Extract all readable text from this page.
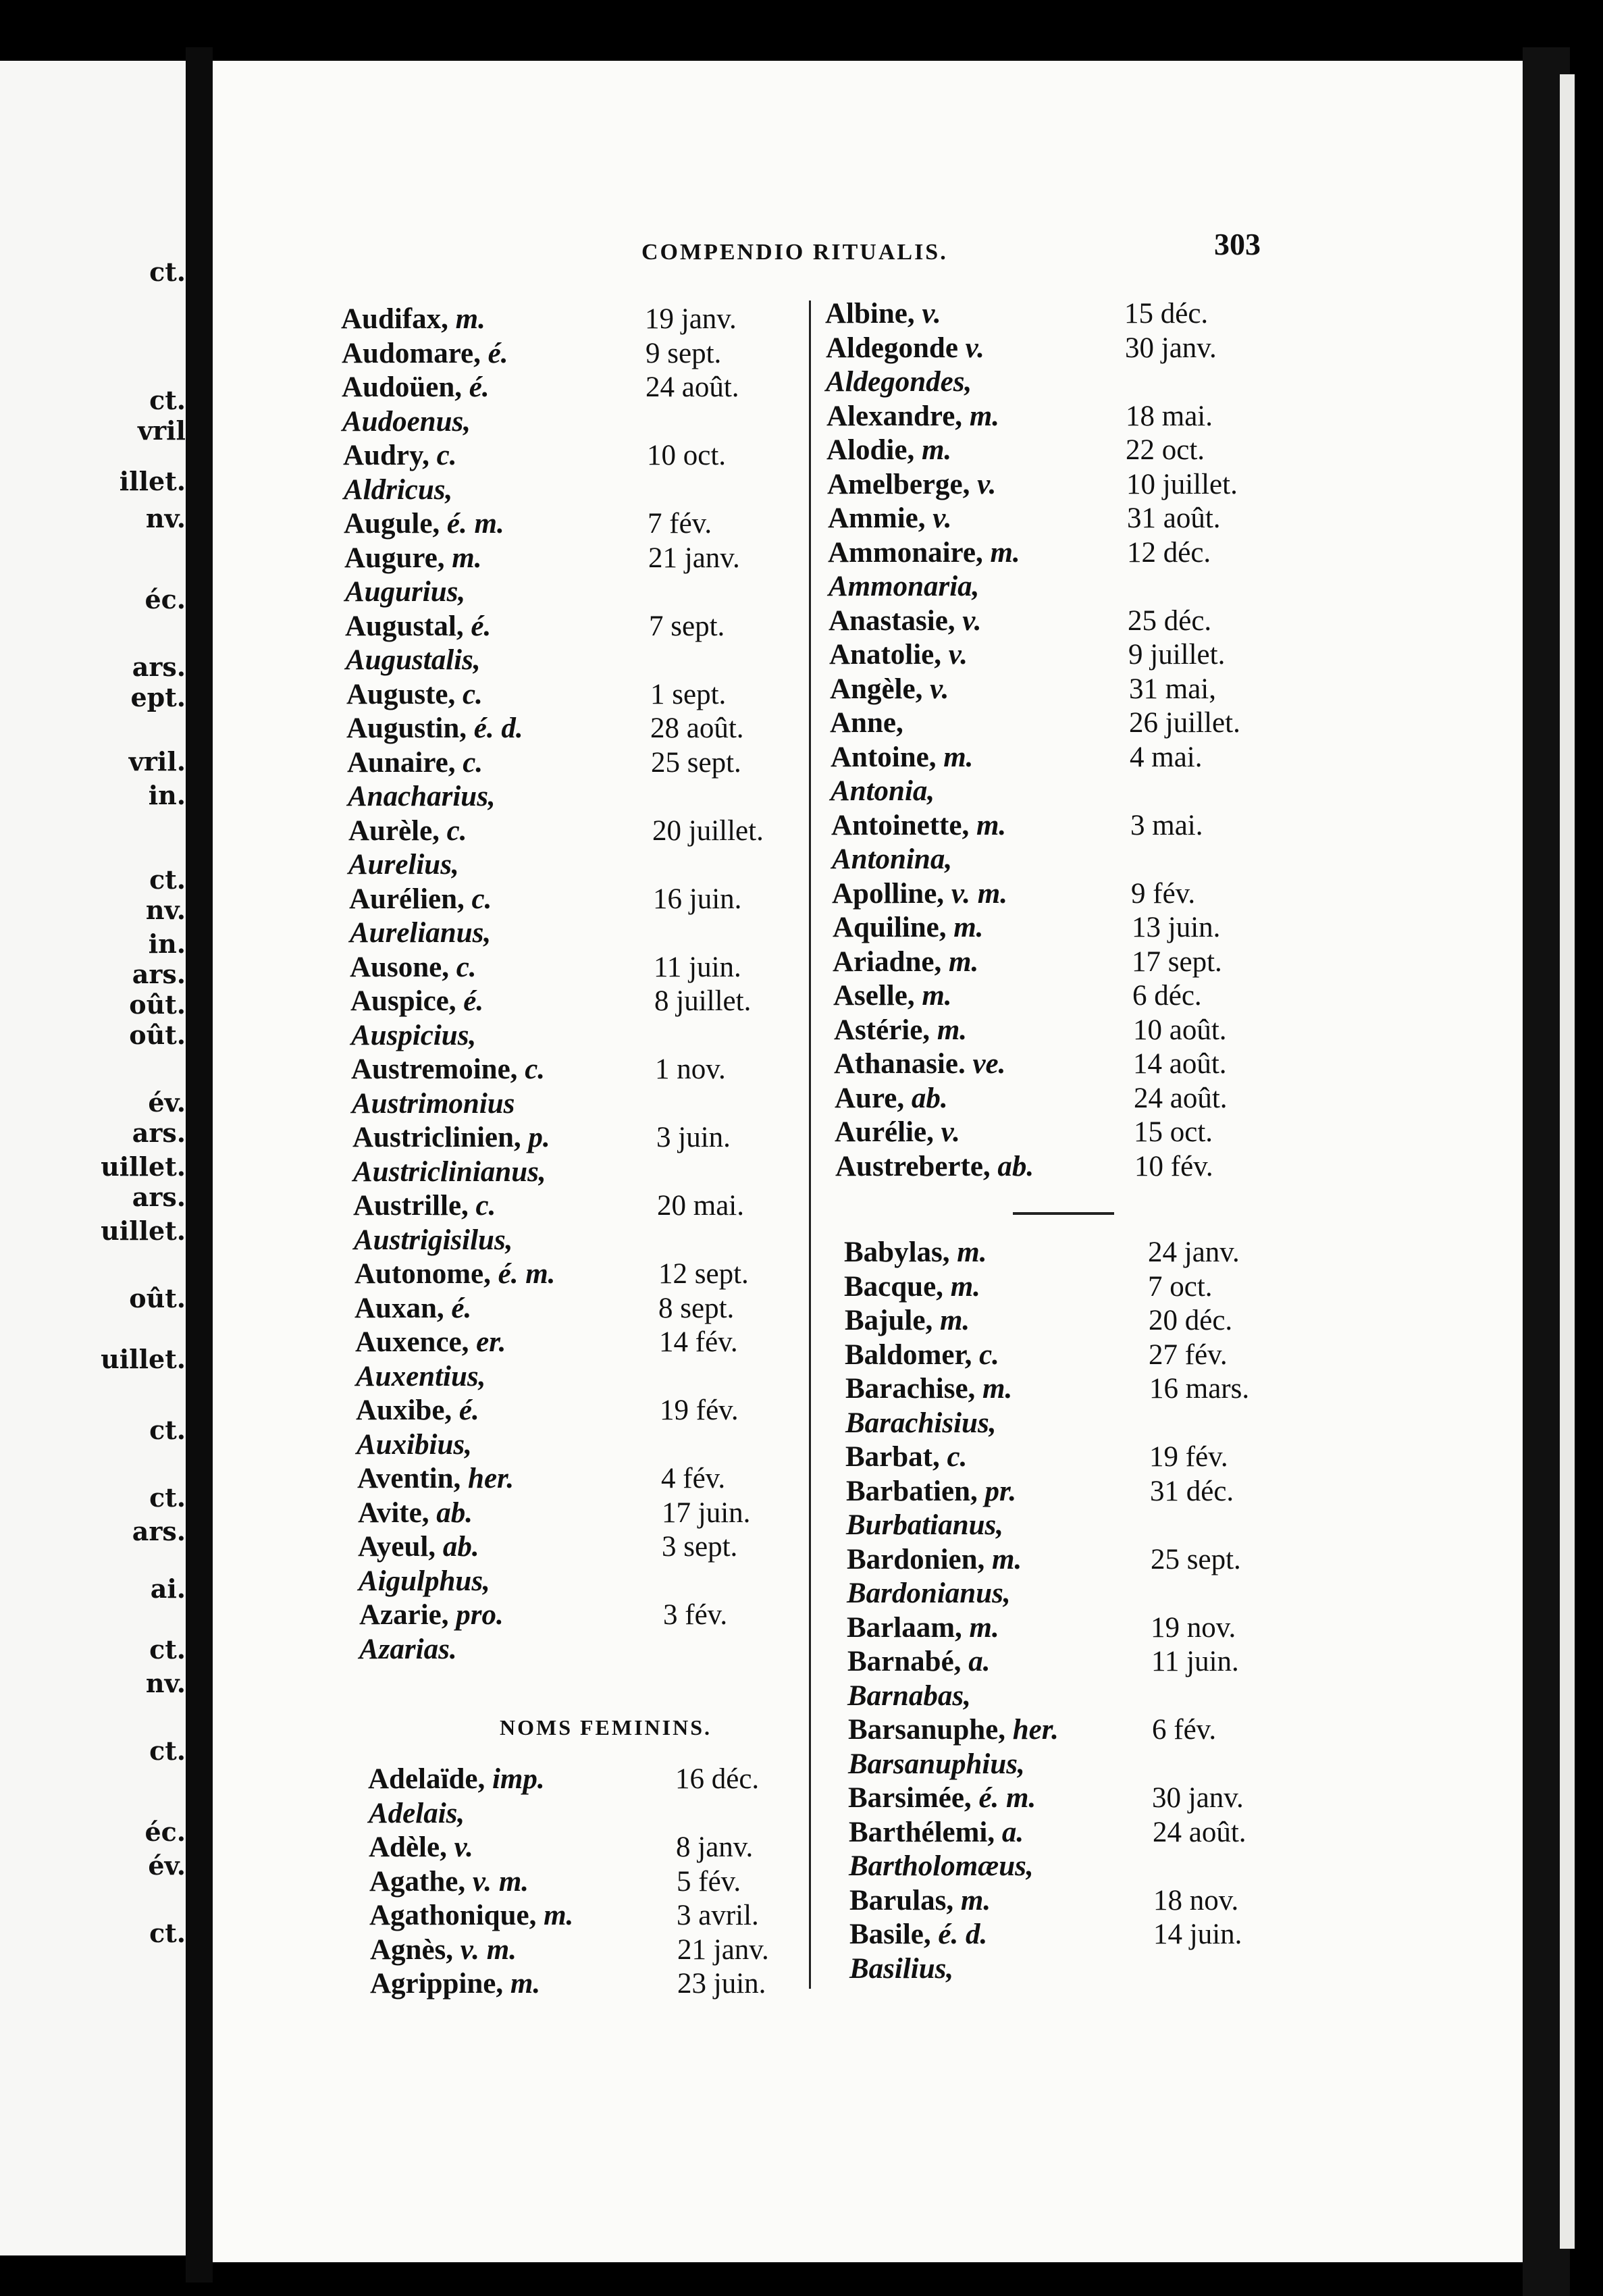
ct.
ct.
vril
illet.
nv.
éc.
ars.
ept.
vril.
in.
ct.
nv.
in.
ars.
oût.
oût.
év.
ars.
uillet.
ars.
uillet.
oût.
uillet.
ct.
ct.
ars.
ai.
ct.
nv.
ct.
éc.
év.
ct.
COMPENDIO RITUALIS.	303
NOMS FEMININS.
Audifax, m.	19 janv.
Audomare, é.	9 sept.
Audoüen, é.	24 août.
Audoenus,
Audry, c.	10 oct.
Aldricus,
Augule, é. m.	7 fév.
Augure, m.	21 janv.
Augurius,
Augustal, é.	7 sept.
Augustalis,
Auguste, c.	1 sept.
Augustin, é. d.	28 août.
Aunaire, c.	25 sept.
Anacharius,
Aurèle, c.	20 juillet.
Aurelius,
Aurélien, c.	16 juin.
Aurelianus,
Ausone, c.	11 juin.
Auspice, é.	8 juillet.
Auspicius,
Austremoine, c.	1 nov.
Austrimonius
Austriclinien, p.	3 juin.
Austriclinianus,
Austrille, c.	20 mai.
Austrigisilus,
Autonome, é. m.	12 sept.
Auxan, é.	8 sept.
Auxence, er.	14 fév.
Auxentius,
Auxibe, é.	19 fév.
Auxibius,
Aventin, her.	4 fév.
Avite, ab.	17 juin.
Ayeul, ab.	3 sept.
Aigulphus,
Azarie, pro.	3 fév.
Azarias.
Adelaïde, imp.	16 déc.
Adelais,
Adèle, v.	8 janv.
Agathe, v. m.	5 fév.
Agathonique, m.	3 avril.
Agnès, v. m.	21 janv.
Agrippine, m.	23 juin.
Albine, v.	15 déc.
Aldegonde v.	30 janv.
Aldegondes,
Alexandre, m.	18 mai.
Alodie, m.	22 oct.
Amelberge, v.	10 juillet.
Ammie, v.	31 août.
Ammonaire, m.	12 déc.
Ammonaria,
Anastasie, v.	25 déc.
Anatolie, v.	9 juillet.
Angèle, v.	31 mai,
Anne,	26 juillet.
Antoine, m.	4 mai.
Antonia,
Antoinette, m.	3 mai.
Antonina,
Apolline, v. m.	9 fév.
Aquiline, m.	13 juin.
Ariadne, m.	17 sept.
Aselle, m.	6 déc.
Astérie, m.	10 août.
Athanasie. ve.	14 août.
Aure, ab.	24 août.
Aurélie, v.	15 oct.
Austreberte, ab.	10 fév.
Babylas, m.	24 janv.
Bacque, m.	7 oct.
Bajule, m.	20 déc.
Baldomer, c.	27 fév.
Barachise, m.	16 mars.
Barachisius,
Barbat, c.	19 fév.
Barbatien, pr.	31 déc.
Burbatianus,
Bardonien, m.	25 sept.
Bardonianus,
Barlaam, m.	19 nov.
Barnabé, a.	11 juin.
Barnabas,
Barsanuphe, her.	6 fév.
Barsanuphius,
Barsimée, é. m.	30 janv.
Barthélemi, a.	24 août.
Bartholomæus,
Barulas, m.	18 nov.
Basile, é. d.	14 juin.
Basilius,
